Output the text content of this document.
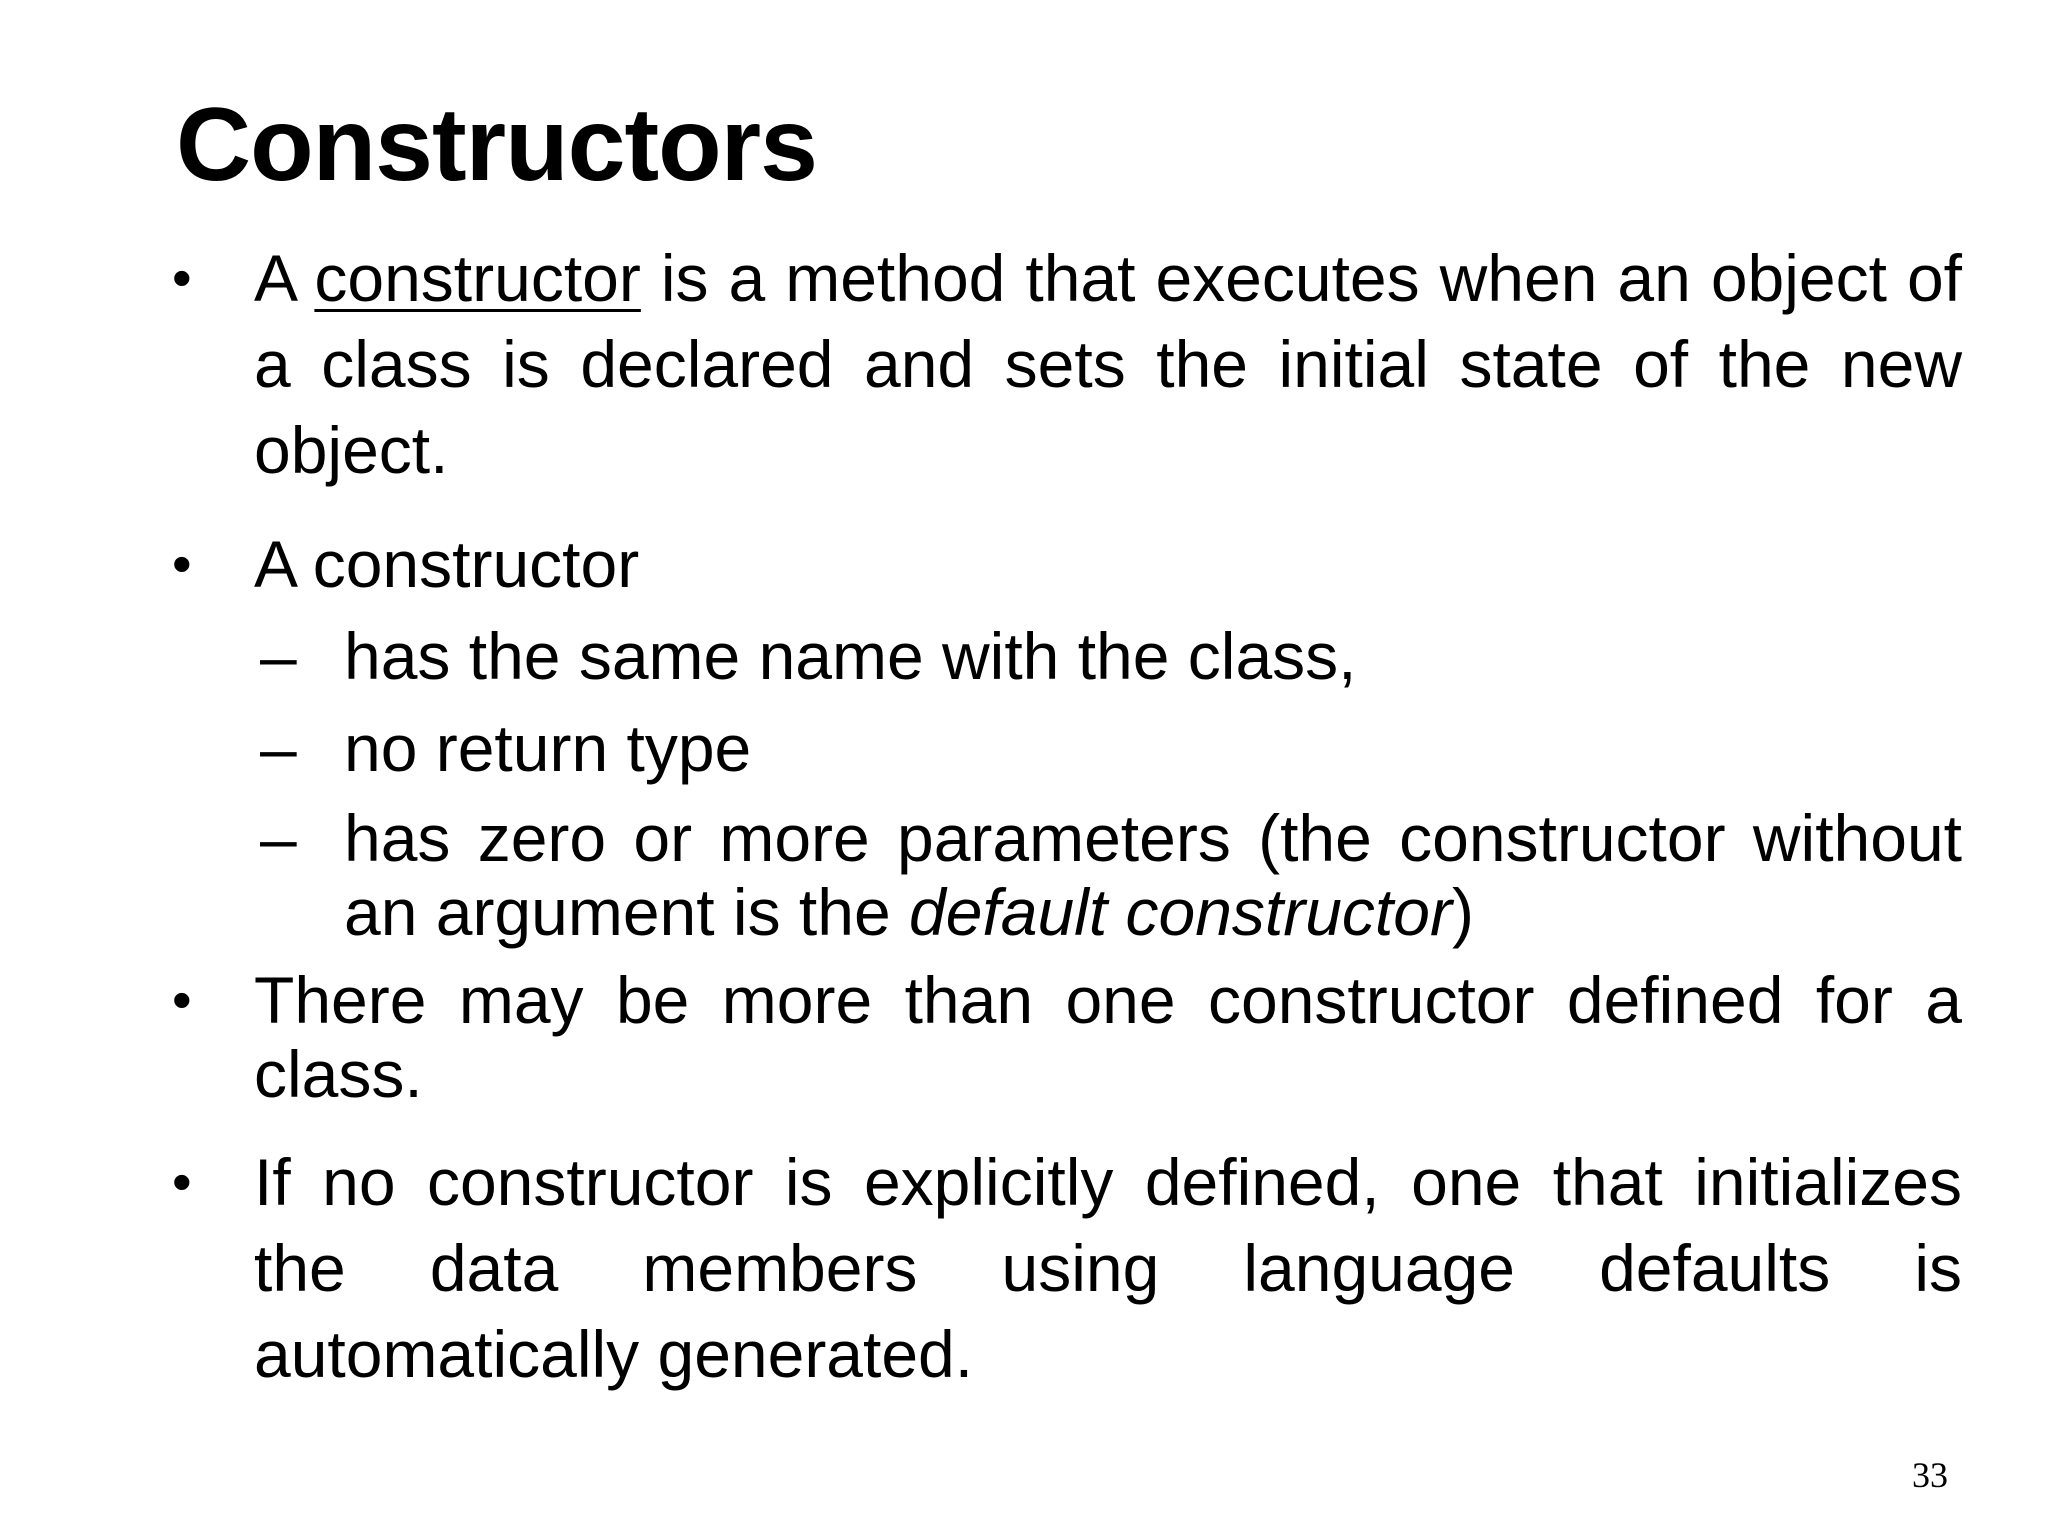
Constructors
• A constructor is a method that executes when an object of a class is declared and sets the initial state of the new object.
• A constructor
– has the same name with the class,
– no return type
– has zero or more parameters (the constructor without an argument is the default constructor)
• There may be more than one constructor defined for a class.
• If no constructor is explicitly defined, one that initializes the data members using language defaults is automatically generated.
33
